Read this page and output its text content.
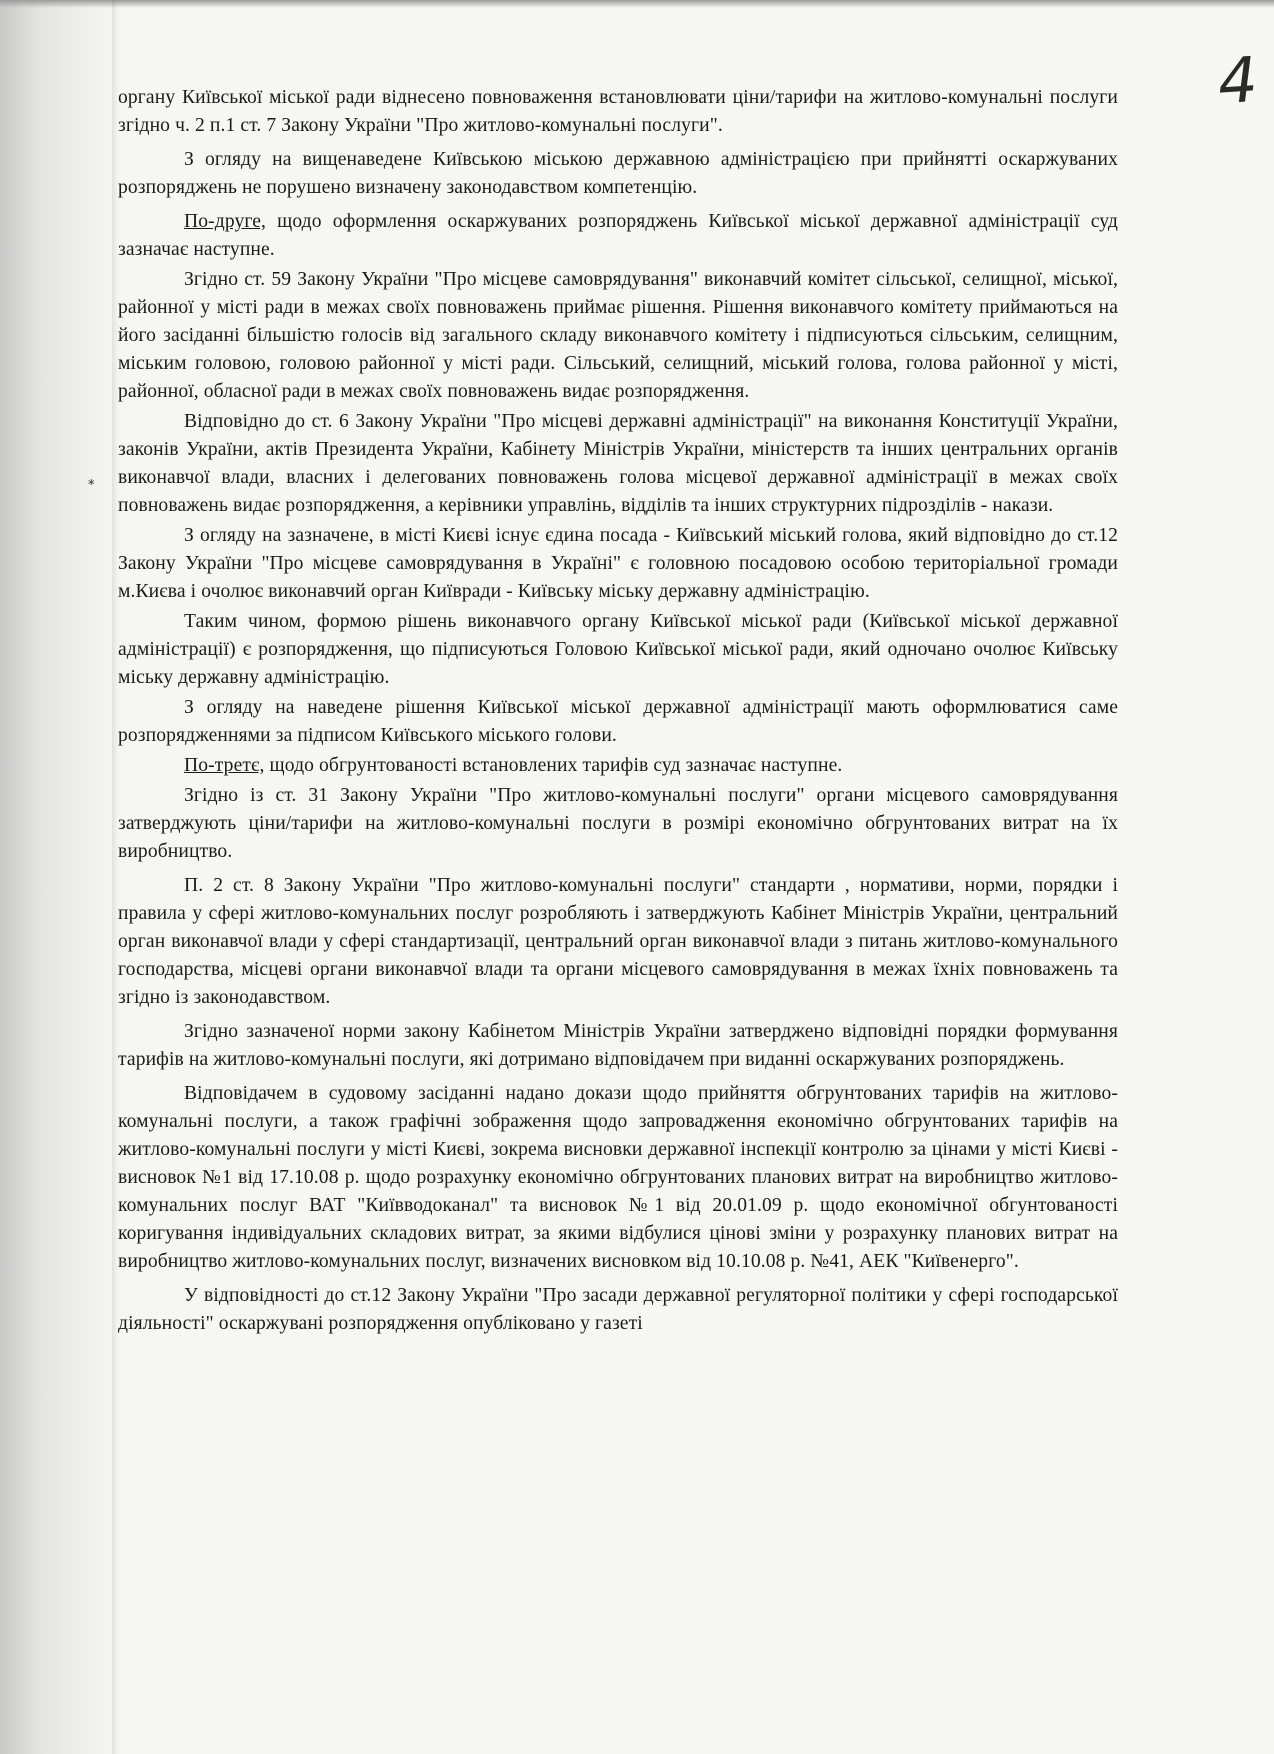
4
*

органу Київської міської ради віднесено повноваження встановлювати ціни/тарифи на житлово-комунальні послуги згідно ч. 2 п.1 ст. 7 Закону України "Про житлово-комунальні послуги".

З огляду на вищенаведене Київською міською державною адміністрацією при прийнятті оскаржуваних розпоряджень не порушено визначену законодавством компетенцію.

По-друге, щодо оформлення оскаржуваних розпоряджень Київської міської державної адміністрації суд зазначає наступне.

Згідно ст. 59 Закону України "Про місцеве самоврядування" виконавчий комітет сільської, селищної, міської, районної у місті ради в межах своїх повноважень приймає рішення. Рішення виконавчого комітету приймаються на його засіданні більшістю голосів від загального складу виконавчого комітету і підписуються сільським, селищним, міським головою, головою районної у місті ради. Сільський, селищний, міський голова, голова районної у місті, районної, обласної ради в межах своїх повноважень видає розпорядження.

Відповідно до ст. 6 Закону України "Про місцеві державні адміністрації" на виконання Конституції України, законів України, актів Президента України, Кабінету Міністрів України, міністерств та інших центральних органів виконавчої влади, власних і делегованих повноважень голова місцевої державної адміністрації в межах своїх повноважень видає розпорядження, а керівники управлінь, відділів та інших структурних підрозділів - накази.

З огляду на зазначене, в місті Києві існує єдина посада - Київський міський голова, який відповідно до ст.12 Закону України "Про місцеве самоврядування в Україні" є головною посадовою особою територіальної громади м.Києва і очолює виконавчий орган Київради - Київську міську державну адміністрацію.

Таким чином, формою рішень виконавчого органу Київської міської ради (Київської міської державної адміністрації) є розпорядження, що підписуються Головою Київської міської ради, який одночано очолює Київську міську державну адміністрацію.

З огляду на наведене рішення Київської міської державної адміністрації мають оформлюватися саме розпорядженнями за підписом Київського міського голови.

По-третє, щодо обгрунтованості встановлених тарифів суд зазначає наступне.

Згідно із ст. 31 Закону України "Про житлово-комунальні послуги" органи місцевого самоврядування затверджують ціни/тарифи на житлово-комунальні послуги в розмірі економічно обгрунтованих витрат на їх виробництво.

П. 2 ст. 8 Закону України "Про житлово-комунальні послуги" стандарти , нормативи, норми, порядки і правила у сфері житлово-комунальних послуг розробляють і затверджують Кабінет Міністрів України, центральний орган виконавчої влади у сфері стандартизації, центральний орган виконавчої влади з питань житлово-комунального господарства, місцеві органи виконавчої влади та органи місцевого самоврядування в межах їхніх повноважень та згідно із законодавством.

Згідно зазначеної норми закону Кабінетом Міністрів України затверджено відповідні порядки формування тарифів на житлово-комунальні послуги, які дотримано відповідачем при виданні оскаржуваних розпоряджень.

Відповідачем в судовому засіданні надано докази щодо прийняття обгрунтованих тарифів на житлово-комунальні послуги, а також графічні зображення щодо запровадження економічно обгрунтованих тарифів на житлово-комунальні послуги у місті Києві, зокрема висновки державної інспекції контролю за цінами у місті Києві - висновок №1 від 17.10.08 р. щодо розрахунку економічно обгрунтованих планових витрат на виробництво житлово-комунальних послуг ВАТ "Київводоканал" та висновок №1 від 20.01.09 р. щодо економічної обгунтованості коригування індивідуальних складових витрат, за якими відбулися цінові зміни у розрахунку планових витрат на виробництво житлово-комунальних послуг, визначених висновком від 10.10.08 р. №41, АЕК "Київенерго".

У відповідності до ст.12 Закону України "Про засади державної регуляторної політики у сфері господарської діяльності" оскаржувані розпорядження опубліковано у газеті
